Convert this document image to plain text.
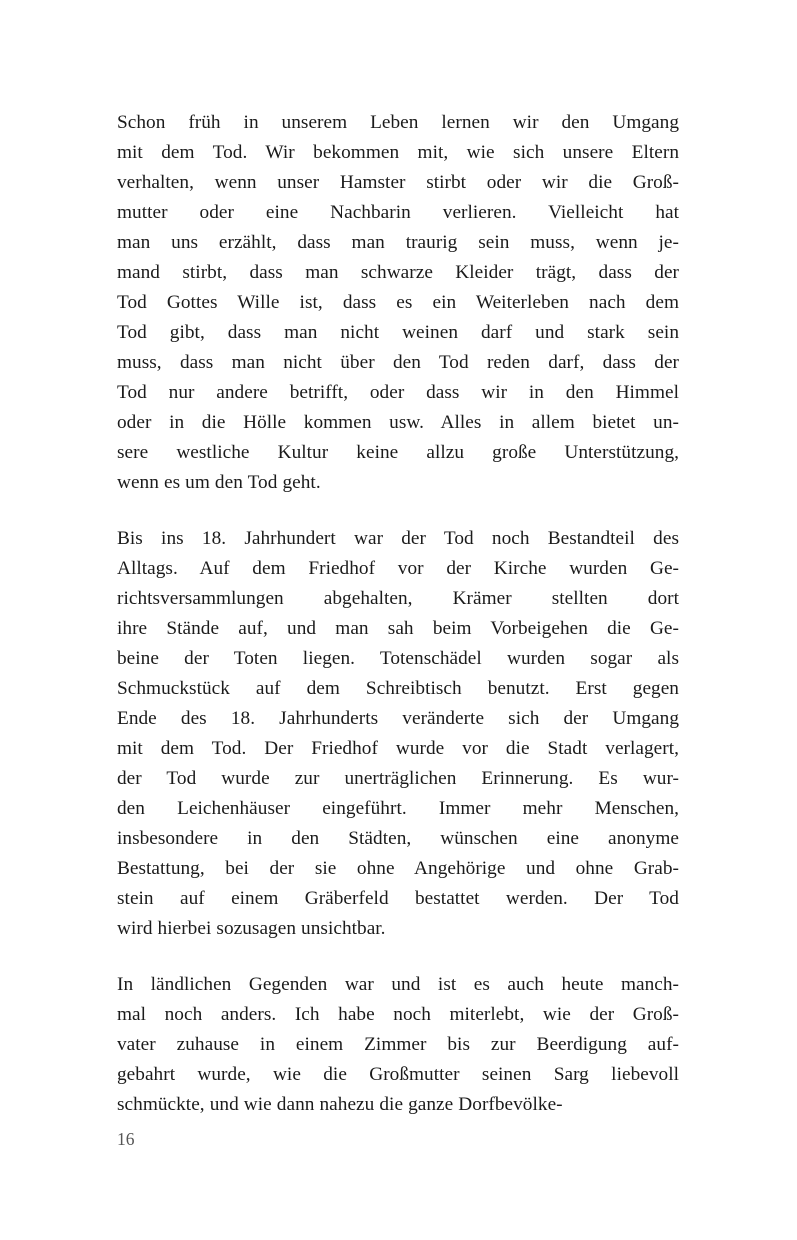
Schon früh in unserem Leben lernen wir den Umgang
mit dem Tod. Wir bekommen mit, wie sich unsere Eltern
verhalten, wenn unser Hamster stirbt oder wir die Groß-
mutter oder eine Nachbarin verlieren. Vielleicht hat
man uns erzählt, dass man traurig sein muss, wenn je-
mand stirbt, dass man schwarze Kleider trägt, dass der
Tod Gottes Wille ist, dass es ein Weiterleben nach dem
Tod gibt, dass man nicht weinen darf und stark sein
muss, dass man nicht über den Tod reden darf, dass der
Tod nur andere betrifft, oder dass wir in den Himmel
oder in die Hölle kommen usw. Alles in allem bietet un-
sere westliche Kultur keine allzu große Unterstützung,
wenn es um den Tod geht.

Bis ins 18. Jahrhundert war der Tod noch Bestandteil des
Alltags. Auf dem Friedhof vor der Kirche wurden Ge-
richtsversammlungen abgehalten, Krämer stellten dort
ihre Stände auf, und man sah beim Vorbeigehen die Ge-
beine der Toten liegen. Totenschädel wurden sogar als
Schmuckstück auf dem Schreibtisch benutzt. Erst gegen
Ende des 18. Jahrhunderts veränderte sich der Umgang
mit dem Tod. Der Friedhof wurde vor die Stadt verlagert,
der Tod wurde zur unerträglichen Erinnerung. Es wur-
den Leichenhäuser eingeführt. Immer mehr Menschen,
insbesondere in den Städten, wünschen eine anonyme
Bestattung, bei der sie ohne Angehörige und ohne Grab-
stein auf einem Gräberfeld bestattet werden. Der Tod
wird hierbei sozusagen unsichtbar.

In ländlichen Gegenden war und ist es auch heute manch-
mal noch anders. Ich habe noch miterlebt, wie der Groß-
vater zuhause in einem Zimmer bis zur Beerdigung auf-
gebahrt wurde, wie die Großmutter seinen Sarg liebevoll
schmückte, und wie dann nahezu die ganze Dorfbevölke-

16
